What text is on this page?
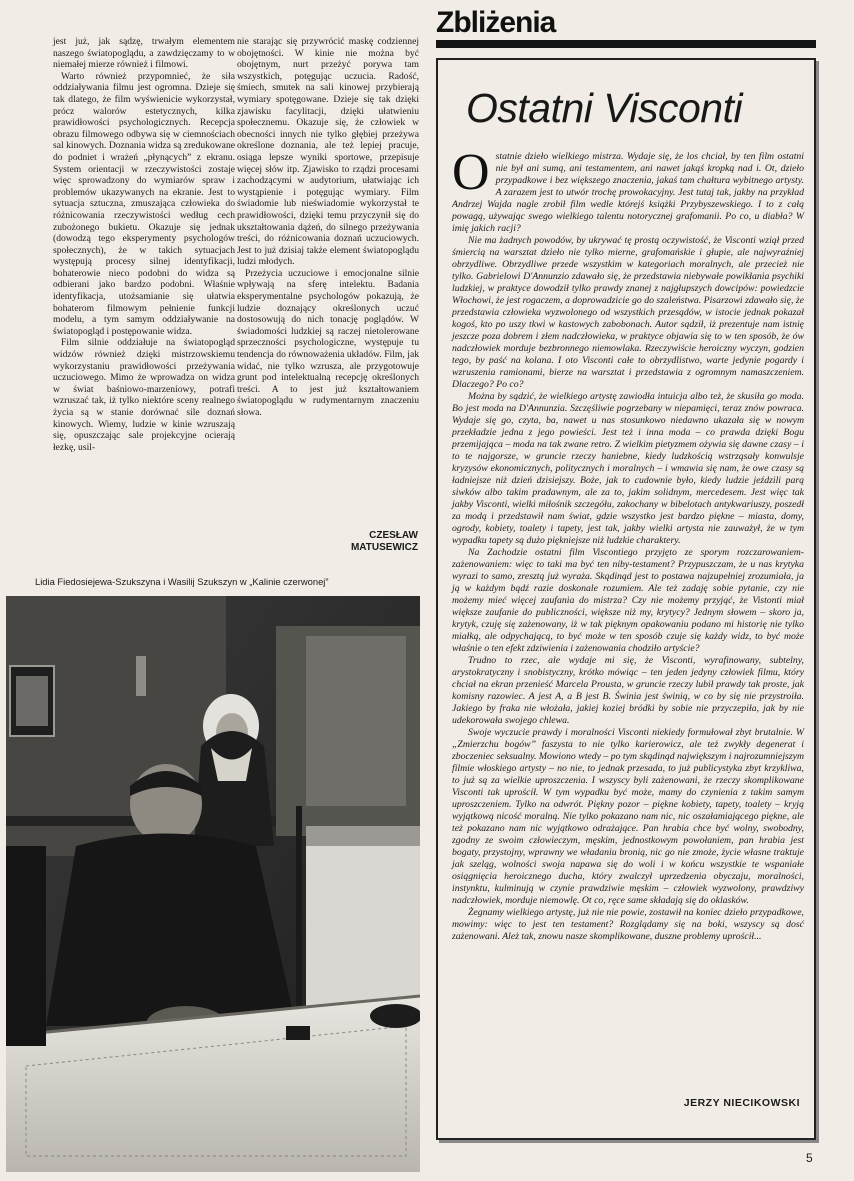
jest już, jak sądzę, trwałym elementem naszego światopoglądu, a zawdzięczamy to w niemałej mierze również i filmowi.

Warto również przypomnieć, że siła oddziaływania filmu jest ogromna. Dzieje się tak dlatego, że film wyświenicie wykorzystał, prócz walorów estetycznych, kilka prawidłowości psychologicznych. Recepcja obrazu filmowego odbywa się w ciemnościach sal kinowych. Doznania widza są zredukowane do podniet i wrażeń „płynących” z ekranu. System orientacji w rzeczywistości zostaje więc sprowadzony do wymiarów spraw i problemów ukazywanych na ekranie. Jest to sytuacja sztuczna, zmuszająca człowieka do różnicowania rzeczywistości według cech zubożonego bukietu. Okazuje się jednak (dowodzą tego eksperymenty psychologów społecznych), że w takich sytuacjach występują procesy silnej identyfikacji, bohaterowie nieco podobni do widza są odbierani jako bardzo podobni. Właśnie identyfikacja, utożsamianie się ułatwia bohaterom filmowym pełnienie funkcji modelu, a tym samym oddziaływanie na światopogląd i postępowanie widza.

Film silnie oddziałuje na światopogląd widzów również dzięki mistrzowskiemu wykorzystaniu prawidłowości przeżywania uczuciowego. Mimo że wprowadza on widza w świat baśniowo-marzeniowy, potrafi wzruszać tak, iż tylko niektóre sceny realnego życia są w stanie dorównać sile doznań kinowych. Wiemy, ludzie w kinie wzruszają się, opuszczając sale projekcyjne ocierają łezkę, usil-

nie starając się przywrócić maskę codziennej obojętności. W kinie nie można być obojętnym, nurt przeżyć porywa tam wszystkich, potęgując uczucia. Radość, śmiech, smutek na sali kinowej przybierają wymiary spotęgowane. Dzieje się tak dzięki zjawisku facylitacji, dzięki ułatwieniu społecznemu. Okazuje się, że człowiek w obecności innych nie tylko głębiej przeżywa określone doznania, ale też lepiej pracuje, osiąga lepsze wyniki sportowe, przepisuje więcej słów itp. Zjawisko to rządzi procesami zachodzącymi w audytorium, ułatwiając ich wystąpienie i potęgując wymiary. Film świadomie lub nieświadomie wykorzystał te prawidłowości, dzięki temu przyczynił się do ukształtowania dążeń, do silnego przeżywania treści, do różnicowania doznań uczuciowych. Jest to już dzisiaj także element światopoglądu ludzi młodych.

Przeżycia uczuciowe i emocjonalne silnie wpływają na sferę intelektu. Badania eksperymentalne psychologów pokazują, że ludzie doznający określonych uczuć dostosowują do nich tonację poglądów. W świadomości ludzkiej są raczej nietolerowane sprzeczności psychologiczne, występuje tu tendencja do równoważenia układów. Film, jak widać, nie tylko wzrusza, ale przygotowuje grunt pod intelektualną recepcję określonych treści. A to jest już kształtowaniem światopoglądu w rudymentarnym znaczeniu słowa.

CZESŁAW
MATUSEWICZ
Lidia Fiedosiejewa-Szukszyna i Wasilij Szukszyn w „Kalinie czerwonej”
Zbliżenia
Ostatni Visconti

Ostatnie dzieło wielkiego mistrza. Wydaje się, że los chciał, by ten film ostatni nie był ani sumą, ani testamentem, ani nawet jakąś kropką nad i. Ot, dzieło przypadkowe i bez większego znaczenia, jakaś tam chałtura wybitnego artysty. A zarazem jest to utwór trochę prowokacyjny. Jest tutaj tak, jakby na przykład Andrzej Wajda nagle zrobił film wedle którejś książki Przybyszewskiego. I to z całą powagą, używając swego wielkiego talentu notorycznej grafomanii. Po co, u diabła? W imię jakich racji?

Nie ma żadnych powodów, by ukrywać tę prostą oczywistość, że Visconti wziął przed śmiercią na warsztat dzieło nie tylko mierne, grafomańskie i głupie, ale najwyraźniej obrzydliwe. Obrzydliwe przede wszystkim w kategoriach moralnych, ale przecież nie tylko. Gabrielowi D'Annunzio zdawało się, że przedstawia niebywałe powikłania psychiki ludzkiej, w praktyce dowodził tylko prawdy znanej z najgłupszych dowcipów: powiedzcie Włochowi, że jest rogaczem, a doprowadzicie go do szaleństwa. Pisarzowi zdawało się, że przedstawia człowieka wyzwolonego od wszystkich przesądów, w istocie jednak pokazał kogoś, kto po uszy tkwi w kastowych zabobonach. Autor sądził, iż prezentuje nam istnię jeszcze poza dobrem i złem nadczłowieka, w praktyce objawia się to w ten sposób, że ów nadczłowiek morduje bezbronnego niemowlaka. Rzeczywiście heroiczny wyczyn, godzien tego, by paść na kolana. I oto Visconti całe to obrzydlistwo, warte jedynie pogardy i wzruszenia ramionami, bierze na warsztat i przedstawia z ogromnym namaszczeniem. Dlaczego? Po co?

Można by sądzić, że wielkiego artystę zawiodła intuicja albo też, że skusiła go moda. Bo jest moda na D'Annunzia. Szczęśliwie pogrzebany w niepamięci, teraz znów powraca. Wydaje się go, czyta, ba, nawet u nas stosunkowo niedawno ukazała się w nowym przekładzie jedna z jego powieści. Jest też i inna moda – co prawda dzięki Bogu przemijająca – moda na tak zwane retro. Z wielkim pietyzmem ożywia się dawne czasy – i to te najgorsze, w gruncie rzeczy haniebne, kiedy ludzkością wstrząsały konwulsje kryzysów ekonomicznych, politycznych i moralnych – i wmawia się nam, że owe czasy są ładniejsze niż dzień dzisiejszy. Boże, jak to cudownie było, kiedy ludzie jeździli parą siwków albo takim pradawnym, ale za to, jakim solidnym, mercedesem. Jest więc tak jakby Visconti, wielki miłośnik szczegółu, zakochany w bibelotach antykwariuszy, poszedł za modą i przedstawił nam świat, gdzie wszystko jest bardzo piękne – miasta, domy, ogrody, kobiety, toalety i tapety, jest tak, jakby wielki artysta nie zauważył, że w tym wypadku tapety są dużo piękniejsze niż ludzkie charaktery.

Na Zachodzie ostatni film Viscontiego przyjęto ze sporym rozczarowaniem-zażenowaniem: więc to taki ma być ten niby-testament? Przypuszczam, że u nas krytyka wyrazi to samo, zresztą już wyraża. Skądinąd jest to postawa najzupełniej zrozumiała, ja ją w każdym bądź razie doskonale rozumiem. Ale też zadaję sobie pytanie, czy nie możemy mieć więcej zaufania do mistrza? Czy nie możemy przyjąć, że Vistonti miał większe zaufanie do publiczności, większe niż my, krytycy? Jednym słowem – skoro ja, krytyk, czuję się zażenowany, iż w tak pięknym opakowaniu podano mi historię nie tylko miałką, ale odpychającą, to być może w ten sposób czuje się każdy widz, to być może właśnie o ten efekt zdziwienia i zażenowania chodziło artyście?

Trudno to rzec, ale wydaje mi się, że Visconti, wyrafinowany, subtelny, arystokratyczny i snobistyczny, krótko mówiąc – ten jeden jedyny człowiek filmu, który chciał na ekran przenieść Marcela Prousta, w gruncie rzeczy lubił prawdy tak proste, jak komisny razowiec. A jest A, a B jest B. Świnia jest świnią, w co by się nie przystroiła. Jakiego by fraka nie włożała, jakiej koziej bródki by sobie nie przyczepiła, jak by nie udekorowała swojego chlewa.

Swoje wyczucie prawdy i moralności Visconti niekiedy formułował zbyt brutalnie. W „Zmierzchu bogów” faszysta to nie tylko karierowicz, ale też zwykły degenerat i zboczeniec seksualny. Mowiono wtedy – po tym skądinąd największym i najrozumniejszym filmie włoskiego artysty – no nie, to jednak przesada, to już publicystyka zbyt krzykliwa, to już są za wielkie uproszczenia. I wszyscy byli zażenowani, że rzeczy skomplikowane Visconti tak uprościł. W tym wypadku być może, mamy do czynienia z takim samym uproszczeniem. Tylko na odwrót. Piękny pozor – piękne kobiety, tapety, toalety – kryją wyjątkową nicość moralną. Nie tylko pokazano nam nic, nic oszałamiającego piękne, ale też pokazano nam nic wyjątkowo odrażające. Pan hrabia chce być wolny, swobodny, zgodny ze swoim człowieczym, męskim, jednostkowym powołaniem, pan hrabia jest bogaty, przystojny, wprawny we władaniu bronią, nic go nie zmoże, życie własne traktuje jak szeląg, wolności swoja napawa się do woli i w końcu wszystkie te wspaniałe osiągnięcia heroicznego ducha, który zwalczył uprzedzenia obyczaju, moralności, instynktu, kulminują w czynie prawdziwie męskim – człowiek wyzwolony, prawdziwy nadczłowiek, morduje niemowlę. Ot co, ręce same składają się do oklasków.

Żegnamy wielkiego artystę, już nie nie powie, zostawił na koniec dzieło przypadkowe, mowimy: więc to jest ten testament? Rozglądamy się na boki, wszyscy są dosć zażenowani. Ależ tak, znowu nasze skomplikowane, duszne problemy uprościł...

JERZY NIECIKOWSKI
5
